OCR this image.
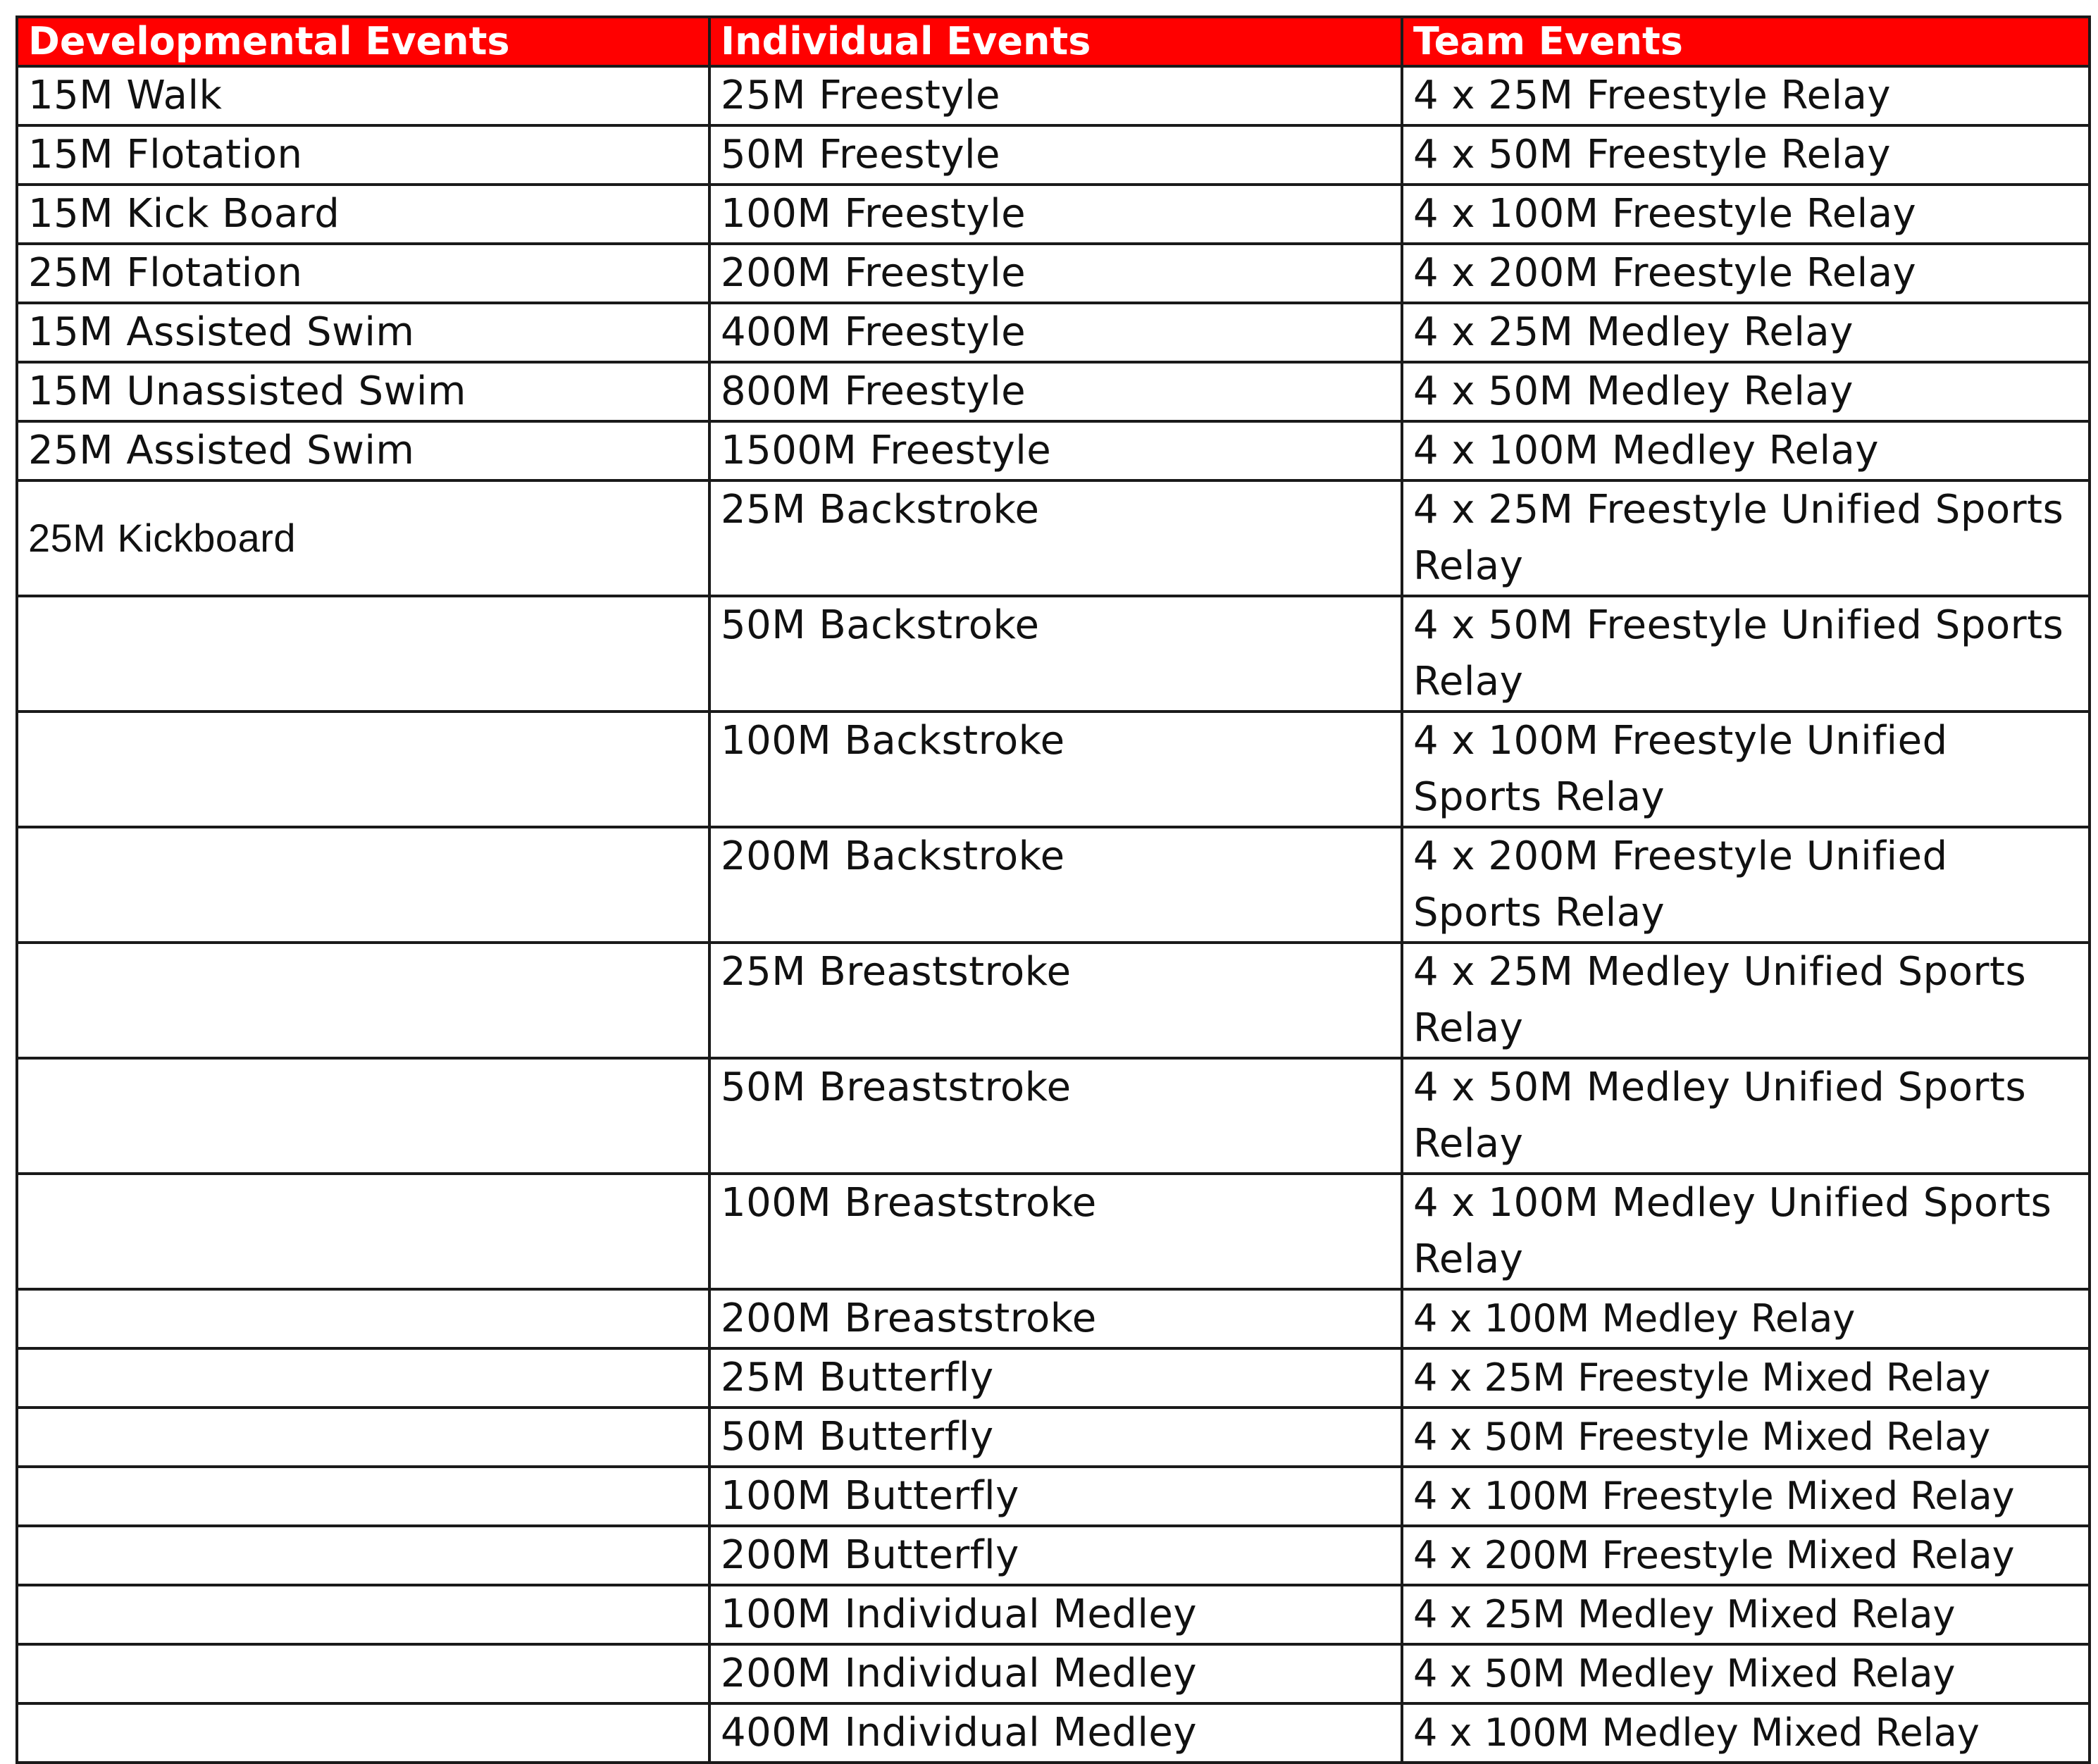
Developmental Events	Individual Events	Team Events
15M Walk	25M Freestyle	4 x 25M Freestyle Relay
15M Flotation	50M Freestyle	4 x 50M Freestyle Relay
15M Kick Board	100M Freestyle	4 x 100M Freestyle Relay
25M Flotation	200M Freestyle	4 x 200M Freestyle Relay
15M Assisted Swim	400M Freestyle	4 x 25M Medley Relay
15M Unassisted Swim	800M Freestyle	4 x 50M Medley Relay
25M Assisted Swim	1500M Freestyle	4 x 100M Medley Relay
25M Kickboard	25M Backstroke	4 x 25M Freestyle Unified Sports Relay
	50M Backstroke	4 x 50M Freestyle Unified Sports Relay
	100M Backstroke	4 x 100M Freestyle Unified Sports Relay
	200M Backstroke	4 x 200M Freestyle Unified Sports Relay
	25M Breaststroke	4 x 25M Medley Unified Sports Relay
	50M Breaststroke	4 x 50M Medley Unified Sports Relay
	100M Breaststroke	4 x 100M Medley Unified Sports Relay
	200M Breaststroke	4 x 100M Medley Relay
	25M Butterfly	4 x 25M Freestyle Mixed Relay
	50M Butterfly	4 x 50M Freestyle Mixed Relay
	100M Butterfly	4 x 100M Freestyle Mixed Relay
	200M Butterfly	4 x 200M Freestyle Mixed Relay
	100M Individual Medley	4 x 25M Medley Mixed Relay
	200M Individual Medley	4 x 50M Medley Mixed Relay
	400M Individual Medley	4 x 100M Medley Mixed Relay
